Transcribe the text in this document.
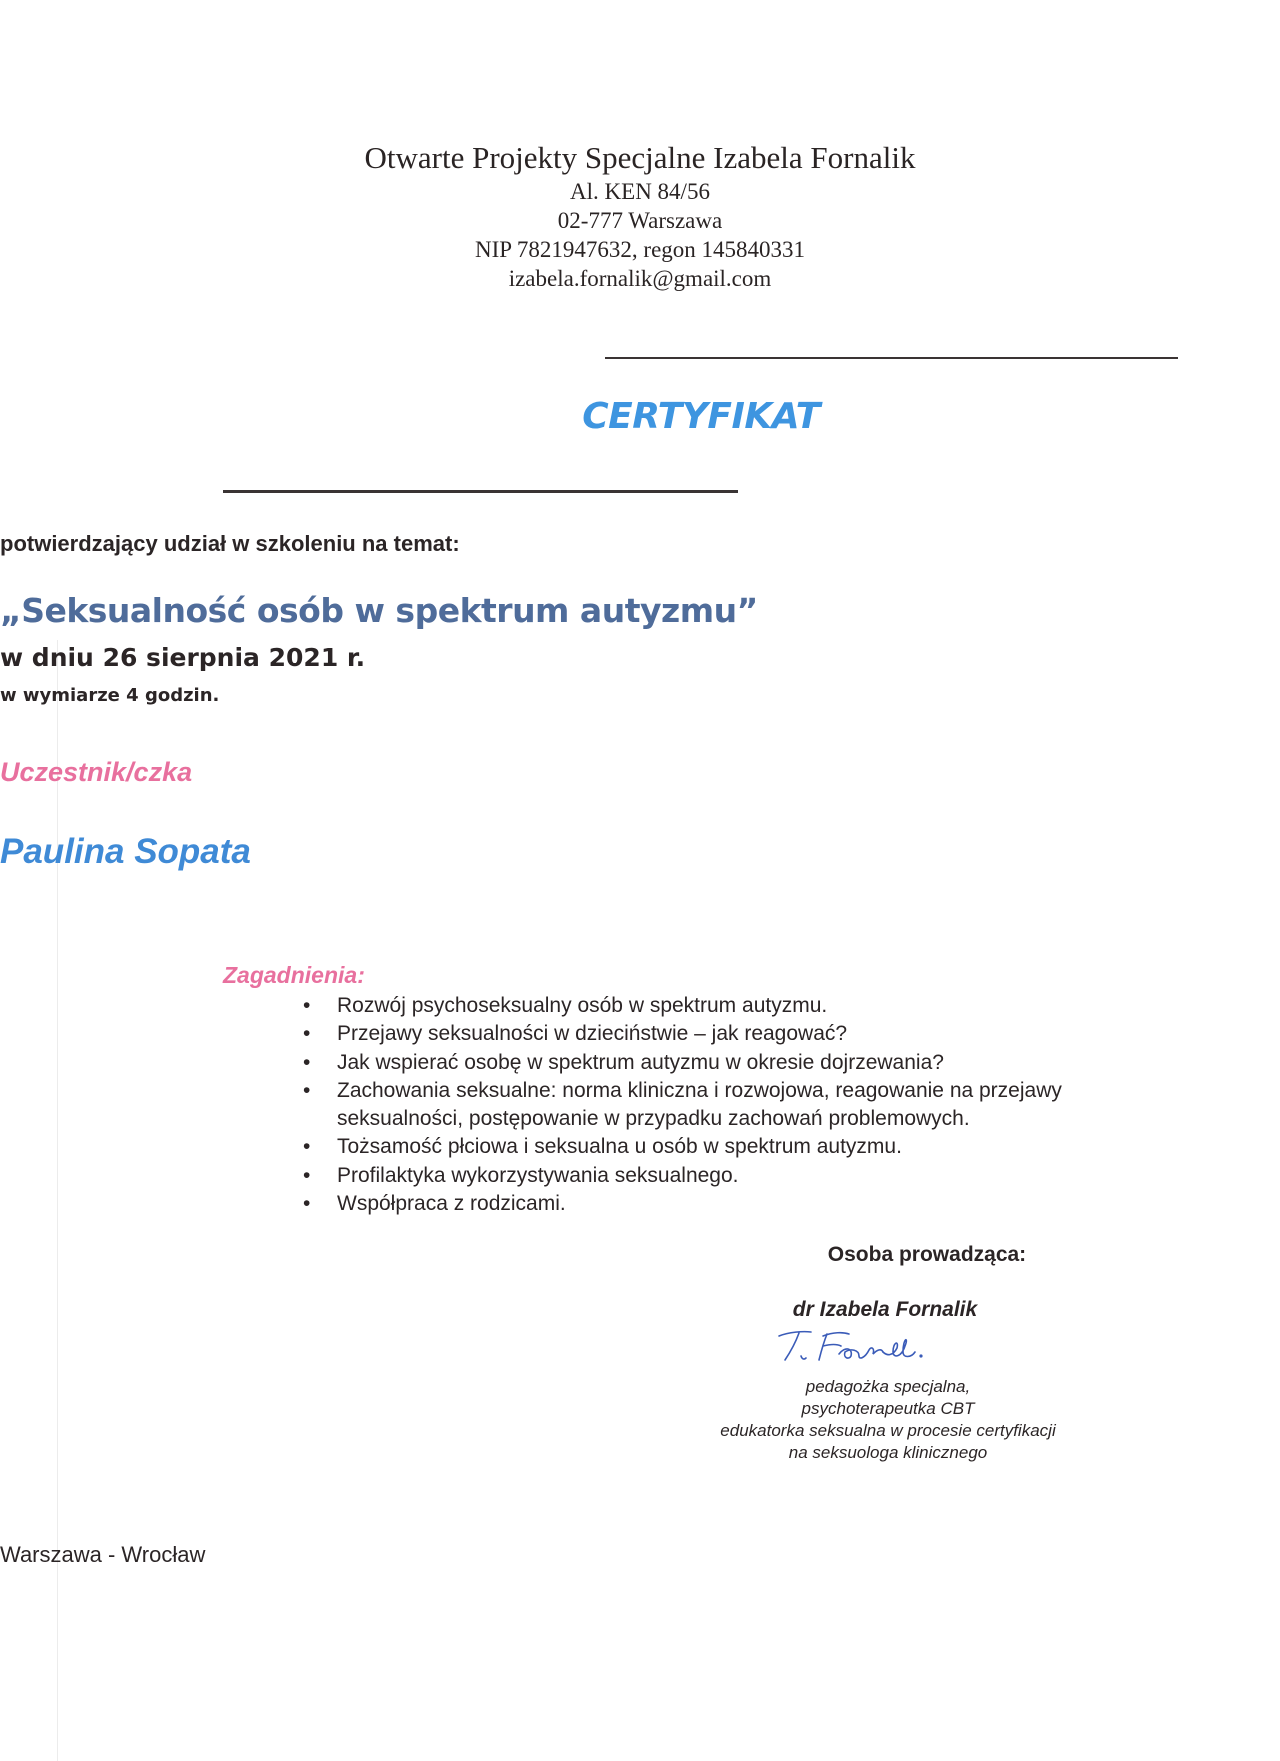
Otwarte Projekty Specjalne Izabela Fornalik
Al. KEN 84/56
02-777 Warszawa
NIP 7821947632, regon 145840331
izabela.fornalik@gmail.com
CERTYFIKAT
potwierdzający udział w szkoleniu na temat:
„Seksualność osób w spektrum autyzmu”
w dniu 26 sierpnia 2021 r.
w wymiarze 4 godzin.
Uczestnik/czka
Paulina Sopata
Zagadnienia:
• Rozwój psychoseksualny osób w spektrum autyzmu.
• Przejawy seksualności w dzieciństwie – jak reagować?
• Jak wspierać osobę w spektrum autyzmu w okresie dojrzewania?
• Zachowania seksualne: norma kliniczna i rozwojowa, reagowanie na przejawy seksualności, postępowanie w przypadku zachowań problemowych.
• Tożsamość płciowa i seksualna u osób w spektrum autyzmu.
• Profilaktyka wykorzystywania seksualnego.
• Współpraca z rodzicami.
Osoba prowadząca:
dr Izabela Fornalik
pedagożka specjalna,
psychoterapeutka CBT
edukatorka seksualna w procesie certyfikacji
na seksuologa klinicznego
Warszawa - Wrocław
